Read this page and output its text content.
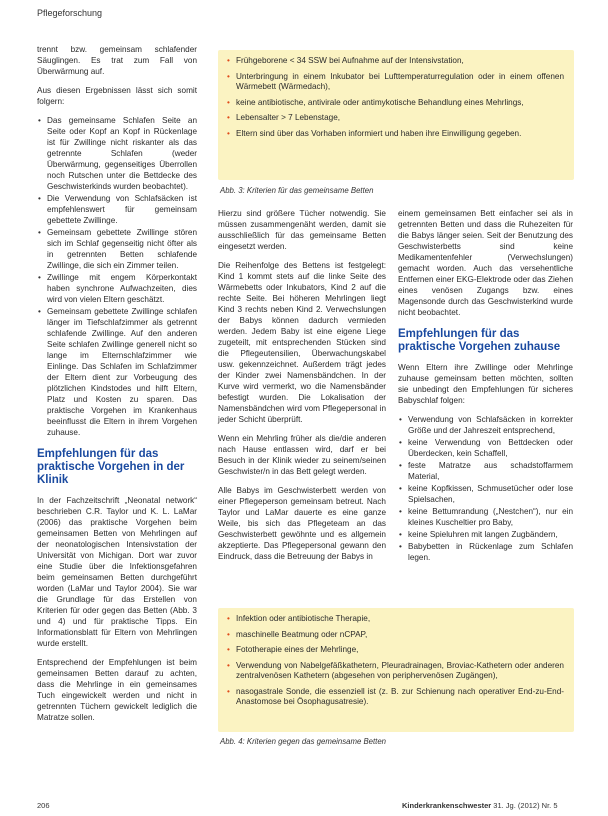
Pflegeforschung

trennt bzw. gemeinsam schlafender Säuglingen. Es trat zum Fall von Überwärmung auf.

Aus diesen Ergebnissen lässt sich somit folgern:

• Das gemeinsame Schlafen Seite an Seite oder Kopf an Kopf in Rückenlage ist für Zwillinge nicht riskanter als das getrennte Schlafen (weder Überwärmung, gegenseitiges Überrollen noch Rutschen unter die Bettdecke des Geschwisterkinds wurden beobachtet).
• Die Verwendung von Schlafsäcken ist empfehlenswert für gemeinsam gebettete Zwillinge.
• Gemeinsam gebettete Zwillinge stören sich im Schlaf gegenseitig nicht öfter als in getrennten Betten schlafende Zwillinge, die sich ein Zimmer teilen.
• Zwillinge mit engem Körperkontakt haben synchrone Aufwachzeiten, dies wird von vielen Eltern geschätzt.
• Gemeinsam gebettete Zwillinge schlafen länger im Tiefschlafzimmer als getrennt schlafende Zwillinge. Auf den anderen Seite schlafen Zwillinge generell nicht so lange im Elternschlafzimmer wie Einlinge. Das Schlafen im Schlafzimmer der Eltern dient zur Vorbeugung des plötzlichen Kindstodes und hilft Eltern, Platz und Kosten zu sparen. Das praktische Vorgehen im Krankenhaus beeinflusst die Eltern in ihrem Vorgehen zuhause.
Empfehlungen für das praktische Vorgehen in der Klinik

In der Fachzeitschrift „Neonatal network“ beschrieben C.R. Taylor und K. L. LaMar (2006) das praktische Vorgehen beim gemeinsamen Betten von Mehrlingen auf der neonatologischen Intensivstation der Universität von Michigan. Dort war zuvor eine Studie über die Infektionsgefahren beim gemeinsamen Betten durchgeführt worden (LaMar und Taylor 2004). Sie war die Grundlage für das Erstellen von Kriterien für oder gegen das Betten (Abb. 3 und 4) und für praktische Tipps. Ein Informationsblatt für Eltern von Mehrlingen wurde erstellt.

Entsprechend der Empfehlungen ist beim gemeinsamen Betten darauf zu achten, dass die Mehrlinge in ein gemeinsames Tuch eingewickelt werden und nicht in getrennten Tüchern gewickelt lediglich die Matratze sollen.

• Frühgeborene < 34 SSW bei Aufnahme auf der Intensivstation,
• Unterbringung in einem Inkubator bei Lufttemperaturregulation oder in einem offenen Wärmebett (Wärmedach),
• keine antibiotische, antivirale oder antimykotische Behandlung eines Mehrlings,
• Lebensalter > 7 Lebenstage,
• Eltern sind über das Vorhaben informiert und haben ihre Einwilligung gegeben.
Abb. 3: Kriterien für das gemeinsame Betten

Hierzu sind größere Tücher notwendig. Sie müssen zusammengenäht werden, damit sie ausschließlich für das gemeinsame Betten eingesetzt werden.

Die Reihenfolge des Bettens ist festgelegt: Kind 1 kommt stets auf die linke Seite des Wärmebetts oder Inkubators, Kind 2 auf die rechte Seite. Bei höheren Mehrlingen liegt Kind 3 rechts neben Kind 2. Verwechslungen der Babys können dadurch vermieden werden. Jedem Baby ist eine eigene Liege zugeteilt, mit entsprechenden Stücken sind die Pflegeutensilien, Überwachungskabel usw. gekennzeichnet. Außerdem trägt jedes der Kinder zwei Namensbändchen. In der Kurve wird vermerkt, wo die Namensbänder befestigt wurden. Die Lokalisation der Namensbändchen wird vom Pflegepersonal in jeder Schicht überprüft.

Wenn ein Mehrling früher als die/die anderen nach Hause entlassen wird, darf er bei Besuch in der Klinik wieder zu seinem/seinen Geschwister/n in das Bett gelegt werden.

Alle Babys im Geschwisterbett werden von einer Pflegeperson gemeinsam betreut. Nach Taylor und LaMar dauerte es eine ganze Weile, bis sich das Pflegeteam an das Geschwisterbett gewöhnte und es allgemein akzeptierte. Das Pflegepersonal gewann den Eindruck, dass die Betreuung der Babys in

einem gemeinsamen Bett einfacher sei als in getrennten Betten und dass die Ruhezeiten für die Babys länger seien. Seit der Benutzung des Geschwisterbetts sind keine Medikamentenfehler (Verwechslungen) gemacht worden. Auch das versehentliche Entfernen einer EKG-Elektrode oder das Ziehen eines venösen Zugangs bzw. eines Magensonde durch das Geschwisterkind wurde nicht beobachtet.

Empfehlungen für das praktische Vorgehen zuhause

Wenn Eltern ihre Zwillinge oder Mehrlinge zuhause gemeinsam betten möchten, sollten sie unbedingt den Empfehlungen für sicheres Babyschlaf folgen:

• Verwendung von Schlafsäcken in korrekter Größe und der Jahreszeit entsprechend,
• keine Verwendung von Bettdecken oder Überdecken, kein Schaffell,
• feste Matratze aus schadstoffarmem Material,
• keine Kopfkissen, Schmusetücher oder lose Spielsachen,
• keine Bettumrandung („Nestchen“), nur ein kleines Kuscheltier pro Baby,
• keine Spieluhren mit langen Zugbändern,
• Babybetten in Rückenlage zum Schlafen legen.
• Infektion oder antibiotische Therapie,
• maschinelle Beatmung oder nCPAP,
• Fototherapie eines der Mehrlinge,
• Verwendung von Nabelgefäßkathetern, Pleuradrainagen, Broviac-Kathetern oder anderen zentralvenösen Kathetern (abgesehen von periphervenösen Zugängen),
• nasogastrale Sonde, die essenziell ist (z. B. zur Schienung nach operativer End-zu-End-Anastomose bei Ösophagusatresie).
Abb. 4: Kriterien gegen das gemeinsame Betten
206	Kinderkrankenschwester 31. Jg. (2012) Nr. 5
